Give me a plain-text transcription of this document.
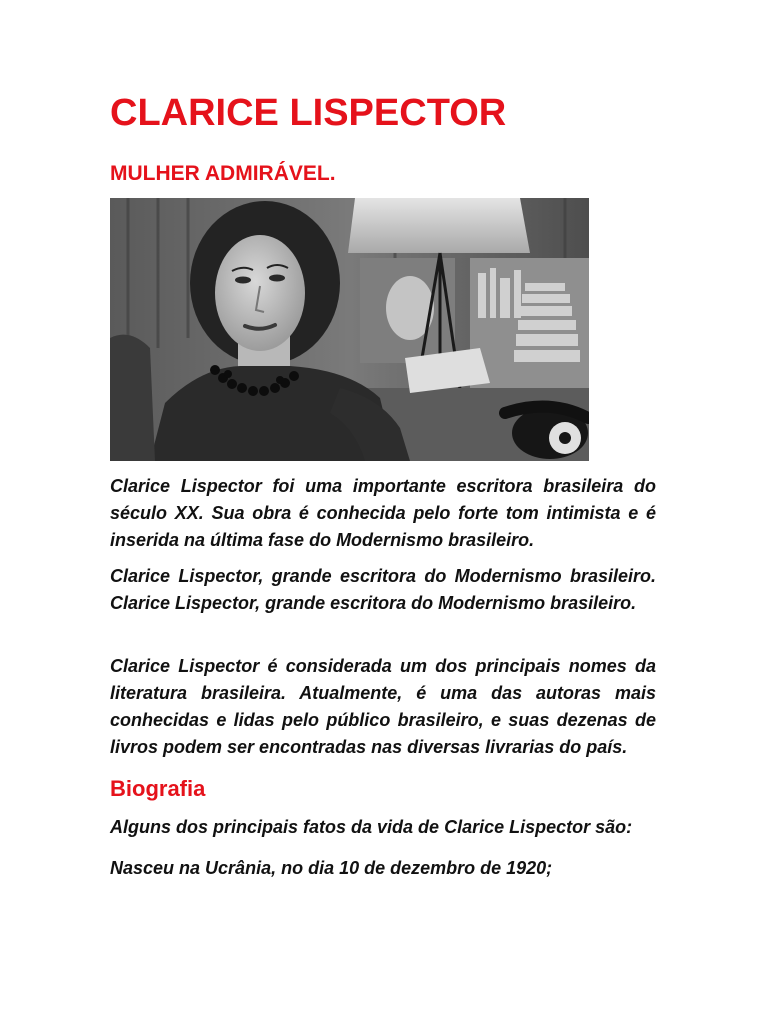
CLARICE LISPECTOR
MULHER ADMIRÁVEL.

Clarice Lispector foi uma importante escritora brasileira do século XX. Sua obra é conhecida pelo forte tom intimista e é inserida na última fase do Modernismo brasileiro.

Clarice Lispector, grande escritora do Modernismo brasileiro. Clarice Lispector, grande escritora do Modernismo brasileiro.

Clarice Lispector é considerada um dos principais nomes da literatura brasileira. Atualmente, é uma das autoras mais conhecidas e lidas pelo público brasileiro, e suas dezenas de livros podem ser encontradas nas diversas livrarias do país.

Biografia

Alguns dos principais fatos da vida de Clarice Lispector são:

Nasceu na Ucrânia, no dia 10 de dezembro de 1920;
